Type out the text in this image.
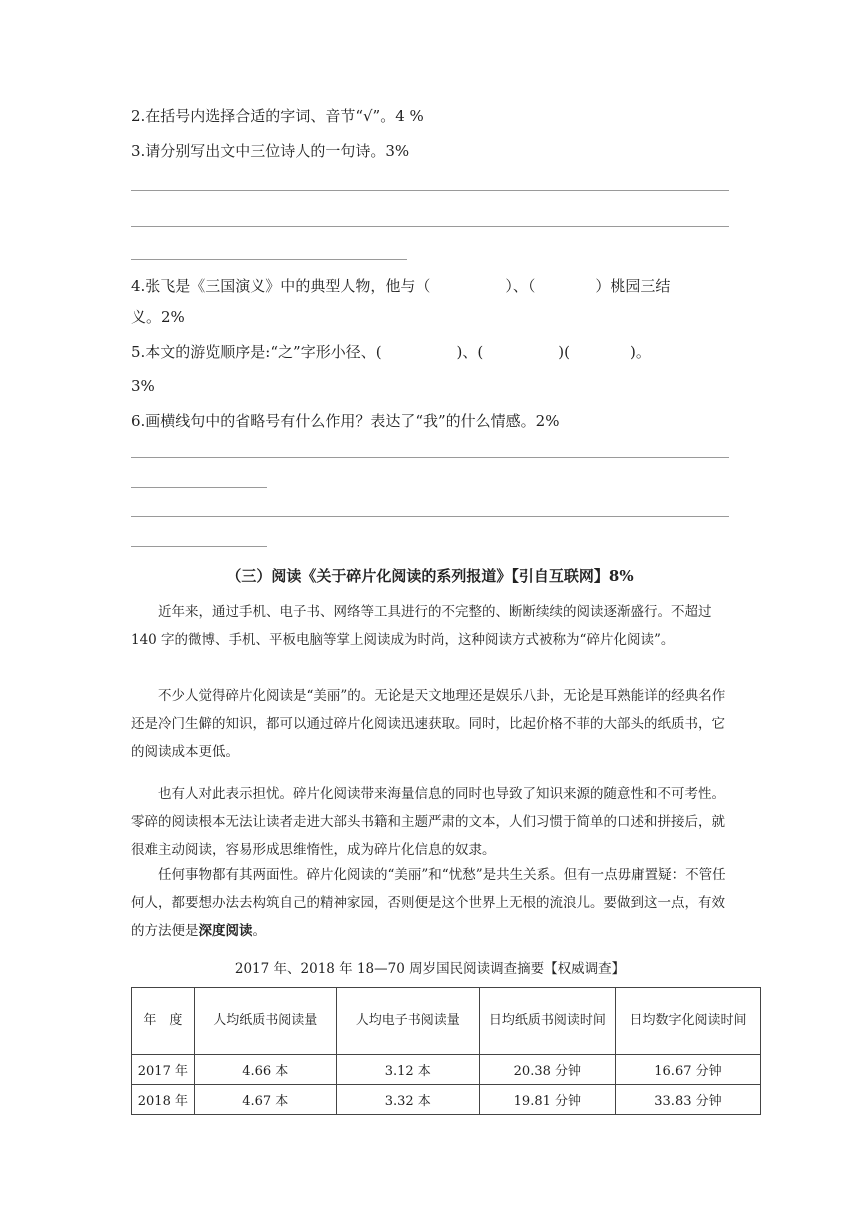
2.在括号内选择合适的字词、音节“√”。4 %
3.请分别写出文中三位诗人的一句诗。3%
4.张飞是《三国演义》中的典型人物，他与（　　　　　）、（　　　　）桃园三结
义。2%
5.本文的游览顺序是:“之”字形小径、(　　　　　)、(　　　　　)(　　　　)。
3%
6.画横线句中的省略号有什么作用？表达了“我”的什么情感。2%
（三）阅读《关于碎片化阅读的系列报道》【引自互联网】8%
近年来，通过手机、电子书、网络等工具进行的不完整的、断断续续的阅读逐渐盛行。不超过 140 字的微博、手机、平板电脑等掌上阅读成为时尚，这种阅读方式被称为“碎片化阅读”。
不少人觉得碎片化阅读是“美丽”的。无论是天文地理还是娱乐八卦，无论是耳熟能详的经典名作还是冷门生僻的知识，都可以通过碎片化阅读迅速获取。同时，比起价格不菲的大部头的纸质书，它的阅读成本更低。
也有人对此表示担忧。碎片化阅读带来海量信息的同时也导致了知识来源的随意性和不可考性。零碎的阅读根本无法让读者走进大部头书籍和主题严肃的文本，人们习惯于简单的口述和拼接后，就很难主动阅读，容易形成思维惰性，成为碎片化信息的奴隶。
任何事物都有其两面性。碎片化阅读的“美丽”和“忧愁”是共生关系。但有一点毋庸置疑：不管任何人，都要想办法去构筑自己的精神家园，否则便是这个世界上无根的流浪儿。要做到这一点，有效的方法便是深度阅读。
2017 年、2018 年 18—70 周岁国民阅读调查摘要【权威调查】
年　度	人均纸质书阅读量	人均电子书阅读量	日均纸质书阅读时间	日均数字化阅读时间
2017 年	4.66 本	3.12 本	20.38 分钟	16.67 分钟
2018 年	4.67 本	3.32 本	19.81 分钟	33.83 分钟
